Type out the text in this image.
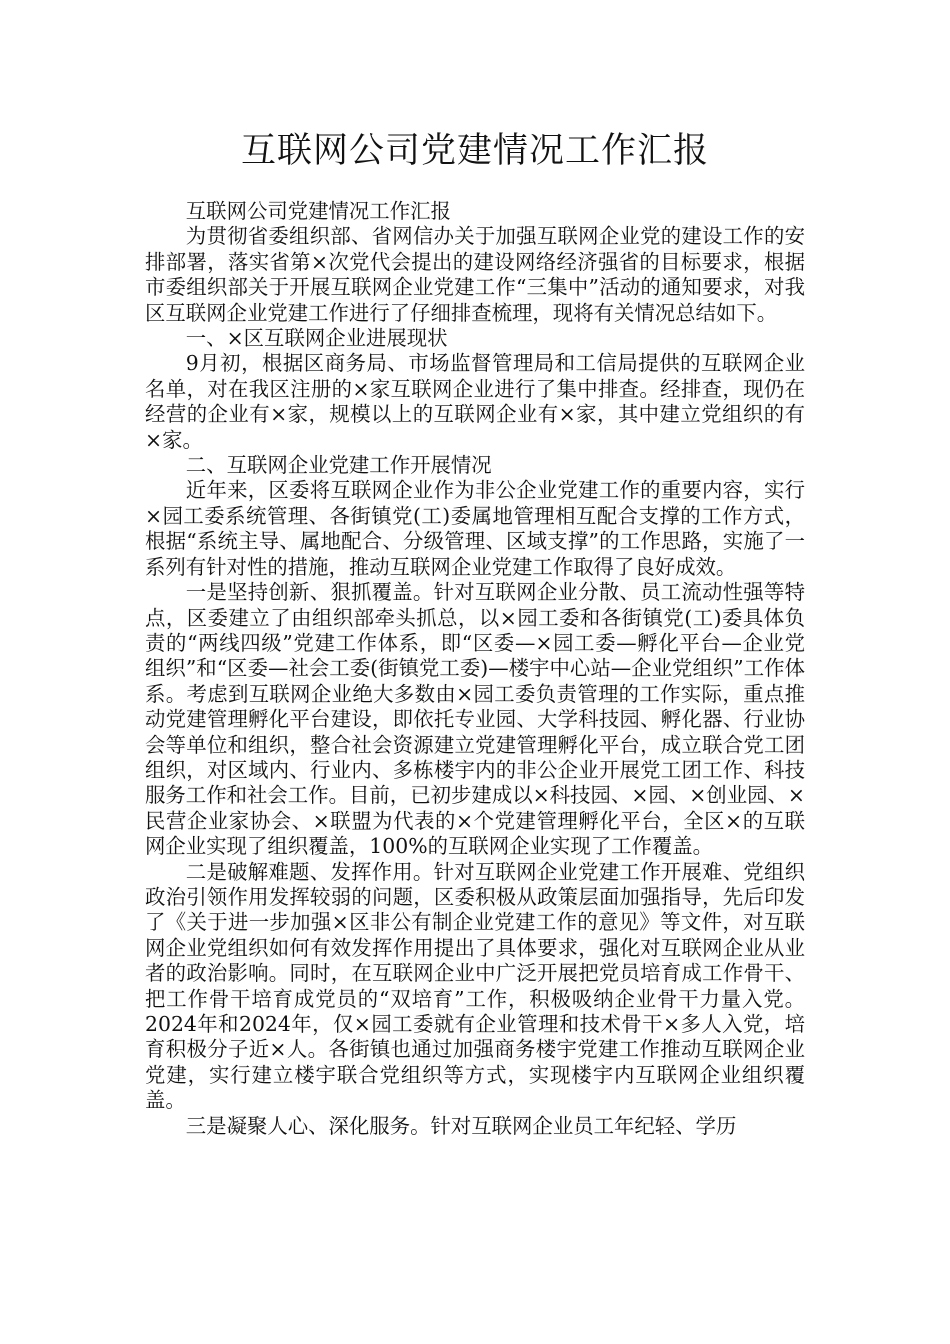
互联网公司党建情况工作汇报

互联网公司党建情况工作汇报

为贯彻省委组织部、省网信办关于加强互联网企业党的建设工作的安排部署，落实省第×次党代会提出的建设网络经济强省的目标要求，根据市委组织部关于开展互联网企业党建工作“三集中”活动的通知要求，对我区互联网企业党建工作进行了仔细排查梳理，现将有关情况总结如下。

一、×区互联网企业进展现状

9月初，根据区商务局、市场监督管理局和工信局提供的互联网企业名单，对在我区注册的×家互联网企业进行了集中排查。经排查，现仍在经营的企业有×家，规模以上的互联网企业有×家，其中建立党组织的有×家。

二、互联网企业党建工作开展情况

近年来，区委将互联网企业作为非公企业党建工作的重要内容，实行×园工委系统管理、各街镇党(工)委属地管理相互配合支撑的工作方式，根据“系统主导、属地配合、分级管理、区域支撑”的工作思路，实施了一系列有针对性的措施，推动互联网企业党建工作取得了良好成效。

一是坚持创新、狠抓覆盖。针对互联网企业分散、员工流动性强等特点，区委建立了由组织部牵头抓总，以×园工委和各街镇党(工)委具体负责的“两线四级”党建工作体系，即“区委—×园工委—孵化平台—企业党组织”和“区委—社会工委(街镇党工委)—楼宇中心站—企业党组织”工作体系。考虑到互联网企业绝大多数由×园工委负责管理的工作实际，重点推动党建管理孵化平台建设，即依托专业园、大学科技园、孵化器、行业协会等单位和组织，整合社会资源建立党建管理孵化平台，成立联合党工团组织，对区域内、行业内、多栋楼宇内的非公企业开展党工团工作、科技服务工作和社会工作。目前，已初步建成以×科技园、×园、×创业园、×民营企业家协会、×联盟为代表的×个党建管理孵化平台，全区×的互联网企业实现了组织覆盖，100%的互联网企业实现了工作覆盖。

二是破解难题、发挥作用。针对互联网企业党建工作开展难、党组织政治引领作用发挥较弱的问题，区委积极从政策层面加强指导，先后印发了《关于进一步加强×区非公有制企业党建工作的意见》等文件，对互联网企业党组织如何有效发挥作用提出了具体要求，强化对互联网企业从业者的政治影响。同时，在互联网企业中广泛开展把党员培育成工作骨干、把工作骨干培育成党员的“双培育”工作，积极吸纳企业骨干力量入党。2024年和2024年，仅×园工委就有企业管理和技术骨干×多人入党，培育积极分子近×人。各街镇也通过加强商务楼宇党建工作推动互联网企业党建，实行建立楼宇联合党组织等方式，实现楼宇内互联网企业组织覆盖。

三是凝聚人心、深化服务。针对互联网企业员工年纪轻、学历
